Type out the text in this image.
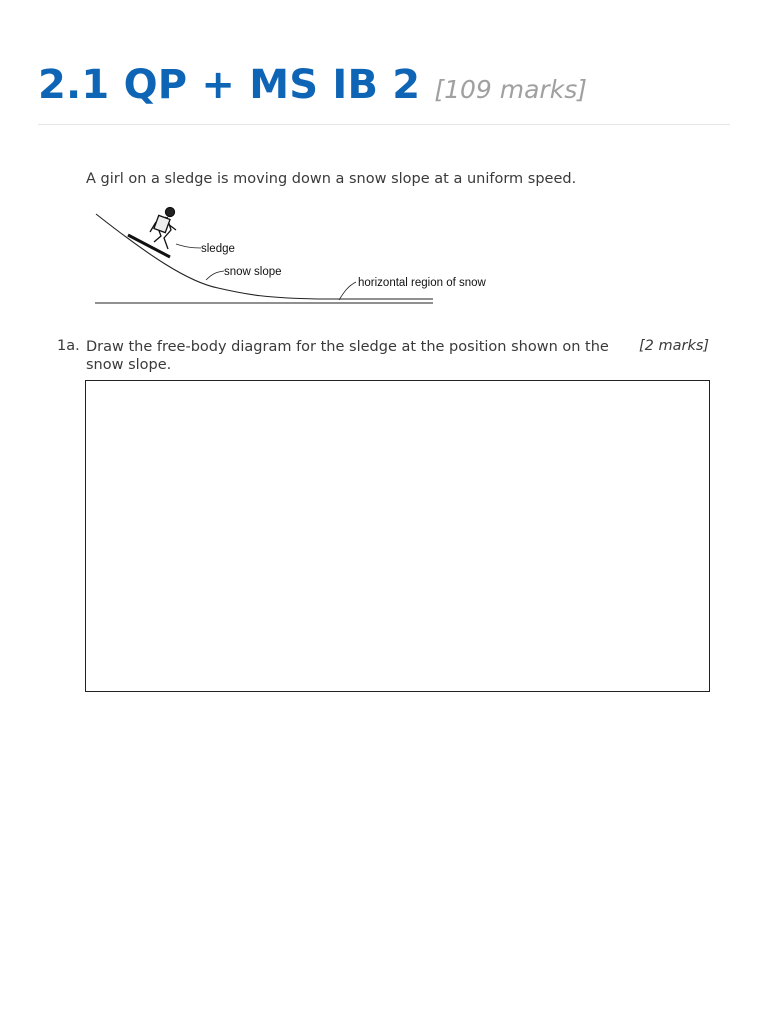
2.1 QP + MS IB 2 [109 marks]
A girl on a sledge is moving down a snow slope at a uniform speed.
sledge
snow slope
horizontal region of snow
1a. Draw the free-body diagram for the sledge at the position shown on the snow slope.
[2 marks]
